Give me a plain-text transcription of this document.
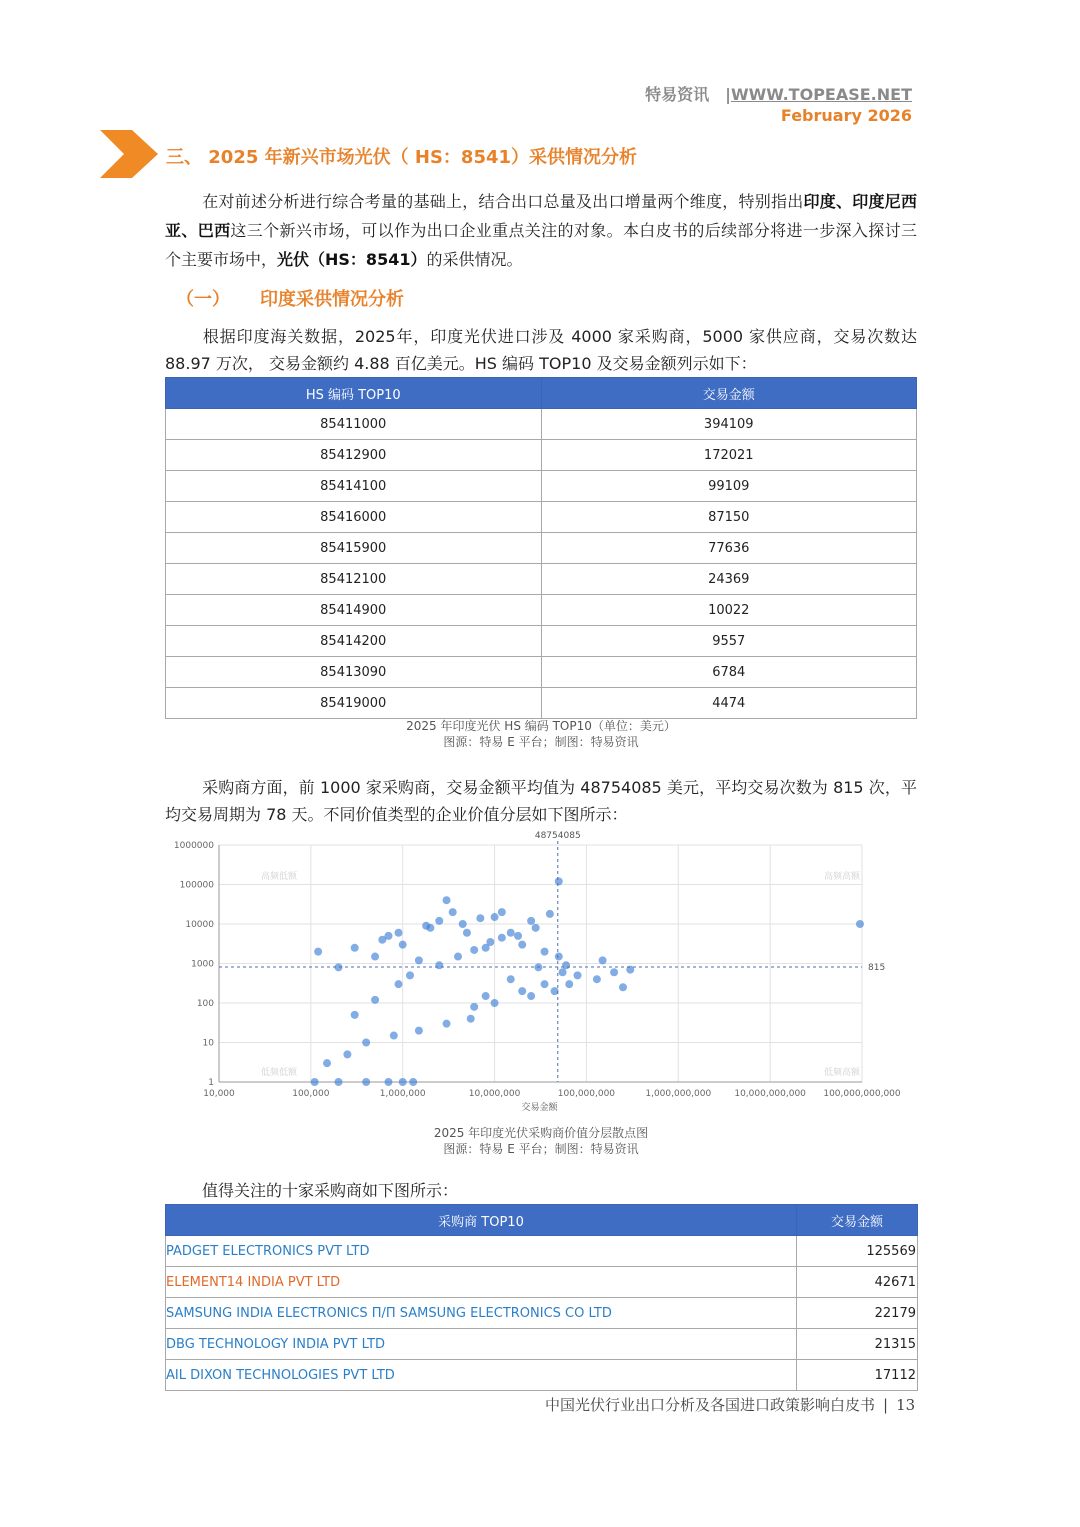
特易资讯 |WWW.TOPEASE.NET
February 2026
三、 2025 年新兴市场光伏（ HS：8541）采供情况分析
在对前述分析进行综合考量的基础上，结合出口总量及出口增量两个维度，特别指出印度、印度尼西亚、巴西这三个新兴市场，可以作为出口企业重点关注的对象。本白皮书的后续部分将进一步深入探讨三个主要市场中，光伏（HS：8541）的采供情况。
（一） 印度采供情况分析
根据印度海关数据，2025年，印度光伏进口涉及 4000 家采购商，5000 家供应商，交易次数达 88.97 万次， 交易金额约 4.88 百亿美元。HS 编码 TOP10 及交易金额列示如下：
HS 编码 TOP10	交易金额
85411000	394109
85412900	172021
85414100	99109
85416000	87150
85415900	77636
85412100	24369
85414900	10022
85414200	9557
85413090	6784
85419000	4474
2025 年印度光伏 HS 编码 TOP10（单位：美元）
图源：特易 E 平台；制图：特易资讯
采购商方面，前 1000 家采购商，交易金额平均值为 48754085 美元，平均交易次数为 815 次，平均交易周期为 78 天。不同价值类型的企业价值分层如下图所示：
10,000	100,000	1,000,000	10,000,000	100,000,000	1,000,000,000	10,000,000,000 100,000,000,000
1
10
100
1000
10000
100000
1000000
高频低额	高频高额
低频低额	低频高额
48754085
815
交易金额
2025 年印度光伏采购商价值分层散点图
图源：特易 E 平台；制图：特易资讯
值得关注的十家采购商如下图所示：
采购商 TOP10	交易金额
PADGET ELECTRONICS PVT LTD	125569
ELEMENT14 INDIA PVT LTD	42671
SAMSUNG INDIA ELECTRONICS П/П SAMSUNG ELECTRONICS CO LTD	22179
DBG TECHNOLOGY INDIA PVT LTD	21315
AIL DIXON TECHNOLOGIES PVT LTD	17112
中国光伏行业出口分析及各国进口政策影响白皮书 | 13
